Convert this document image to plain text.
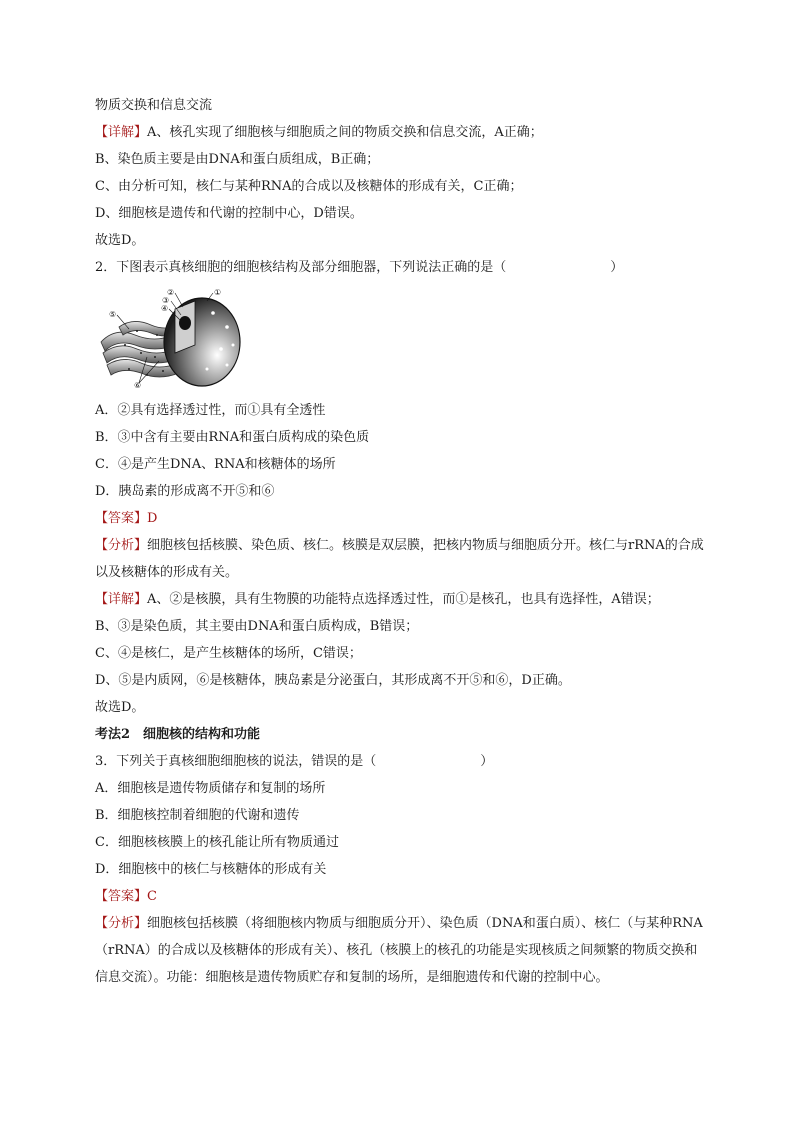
物质交换和信息交流
【详解】A、核孔实现了细胞核与细胞质之间的物质交换和信息交流，A正确；
B、染色质主要是由DNA和蛋白质组成，B正确；
C、由分析可知，核仁与某种RNA的合成以及核糖体的形成有关，C正确；
D、细胞核是遗传和代谢的控制中心，D错误。
故选D。
2．下图表示真核细胞的细胞核结构及部分细胞器，下列说法正确的是（　　　　　　　　）
①
②
③
④
⑤
⑥
A．②具有选择透过性，而①具有全透性
B．③中含有主要由RNA和蛋白质构成的染色质
C．④是产生DNA、RNA和核糖体的场所
D．胰岛素的形成离不开⑤和⑥
【答案】D
【分析】细胞核包括核膜、染色质、核仁。核膜是双层膜，把核内物质与细胞质分开。核仁与rRNA的合成以及核糖体的形成有关。
【详解】A、②是核膜，具有生物膜的功能特点选择透过性，而①是核孔，也具有选择性，A错误；
B、③是染色质，其主要由DNA和蛋白质构成，B错误；
C、④是核仁，是产生核糖体的场所，C错误；
D、⑤是内质网，⑥是核糖体，胰岛素是分泌蛋白，其形成离不开⑤和⑥，D正确。
故选D。
考法2　细胞核的结构和功能
3．下列关于真核细胞细胞核的说法，错误的是（　　　　　　　　）
A．细胞核是遗传物质储存和复制的场所
B．细胞核控制着细胞的代谢和遗传
C．细胞核核膜上的核孔能让所有物质通过
D．细胞核中的核仁与核糖体的形成有关
【答案】C
【分析】细胞核包括核膜（将细胞核内物质与细胞质分开）、染色质（DNA和蛋白质）、核仁（与某种RNA（rRNA）的合成以及核糖体的形成有关）、核孔（核膜上的核孔的功能是实现核质之间频繁的物质交换和信息交流）。功能：细胞核是遗传物质贮存和复制的场所，是细胞遗传和代谢的控制中心。
